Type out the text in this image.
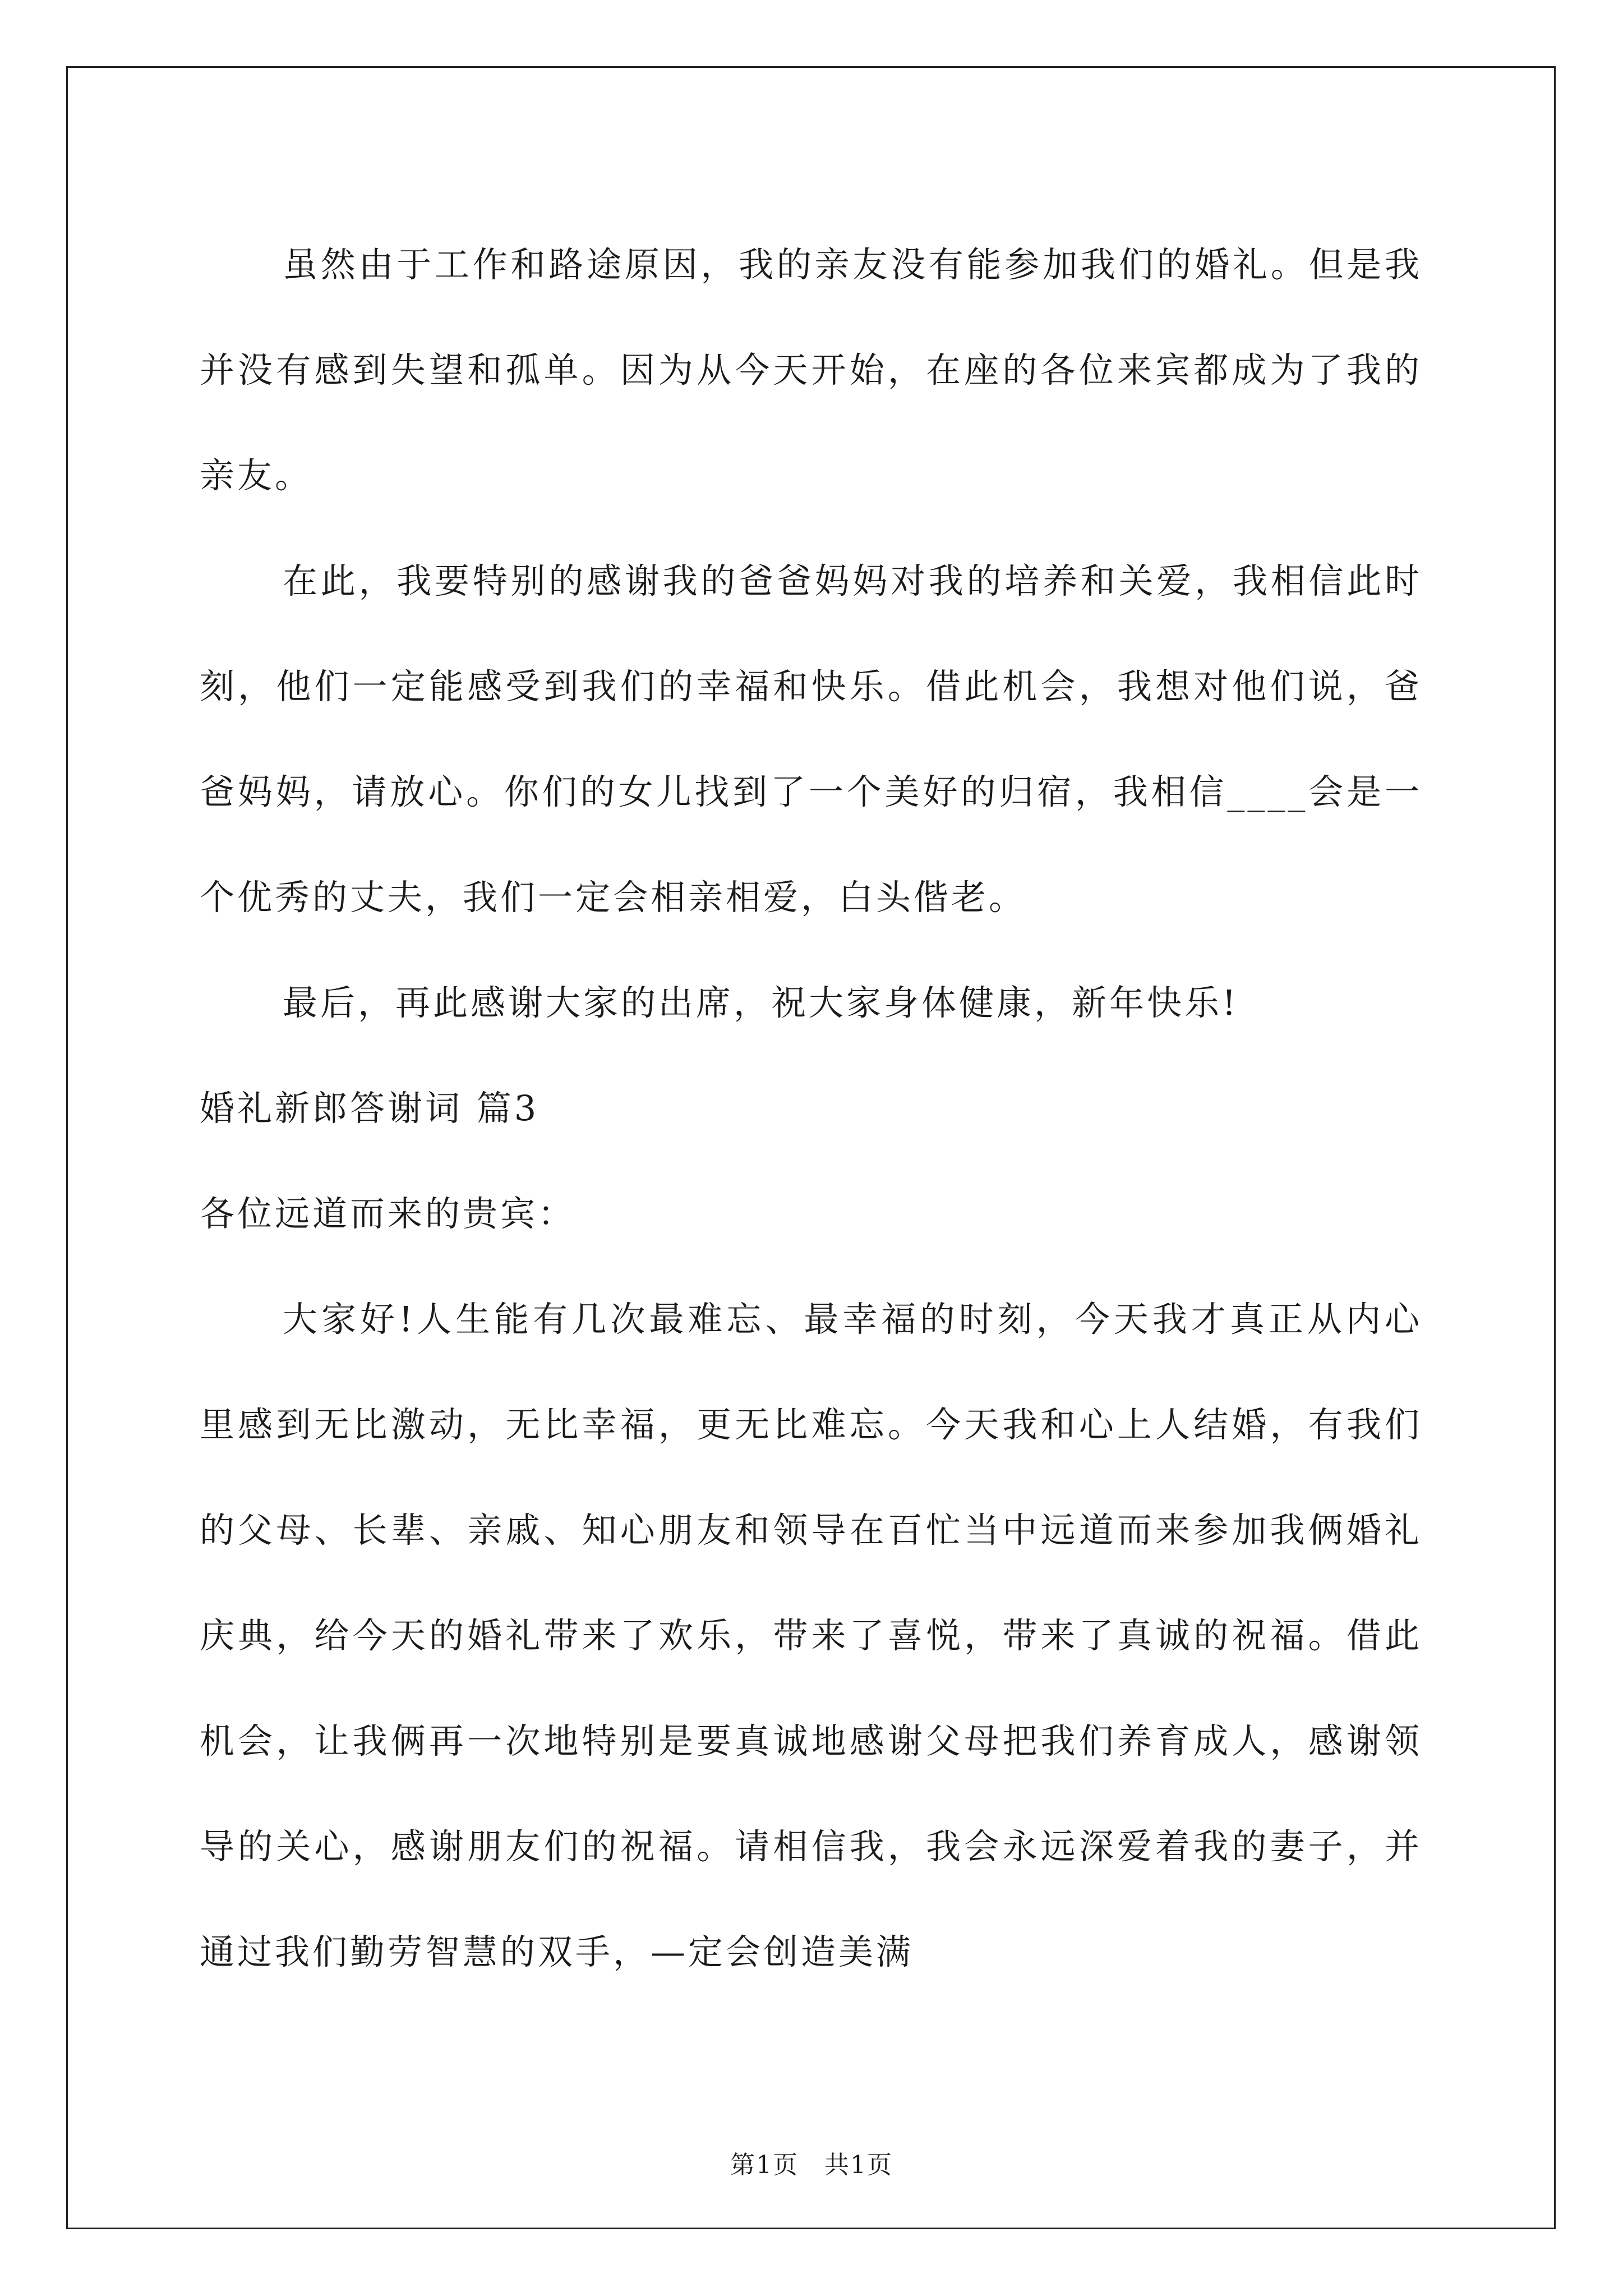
虽然由于工作和路途原因，我的亲友没有能参加我们的婚礼。但是我并没有感到失望和孤单。因为从今天开始，在座的各位来宾都成为了我的亲友。

在此，我要特别的感谢我的爸爸妈妈对我的培养和关爱，我相信此时刻，他们一定能感受到我们的幸福和快乐。借此机会，我想对他们说，爸爸妈妈，请放心。你们的女儿找到了一个美好的归宿，我相信____会是一个优秀的丈夫，我们一定会相亲相爱，白头偕老。

最后，再此感谢大家的出席，祝大家身体健康，新年快乐!

婚礼新郎答谢词 篇3

各位远道而来的贵宾：

大家好!人生能有几次最难忘、最幸福的时刻，今天我才真正从内心里感到无比激动，无比幸福，更无比难忘。今天我和心上人结婚，有我们的父母、长辈、亲戚、知心朋友和领导在百忙当中远道而来参加我俩婚礼庆典，给今天的婚礼带来了欢乐，带来了喜悦，带来了真诚的祝福。借此机会，让我俩再一次地特别是要真诚地感谢父母把我们养育成人，感谢领导的关心，感谢朋友们的祝福。请相信我，我会永远深爱着我的妻子，并通过我们勤劳智慧的双手，—定会创造美满

第1页　共1页
